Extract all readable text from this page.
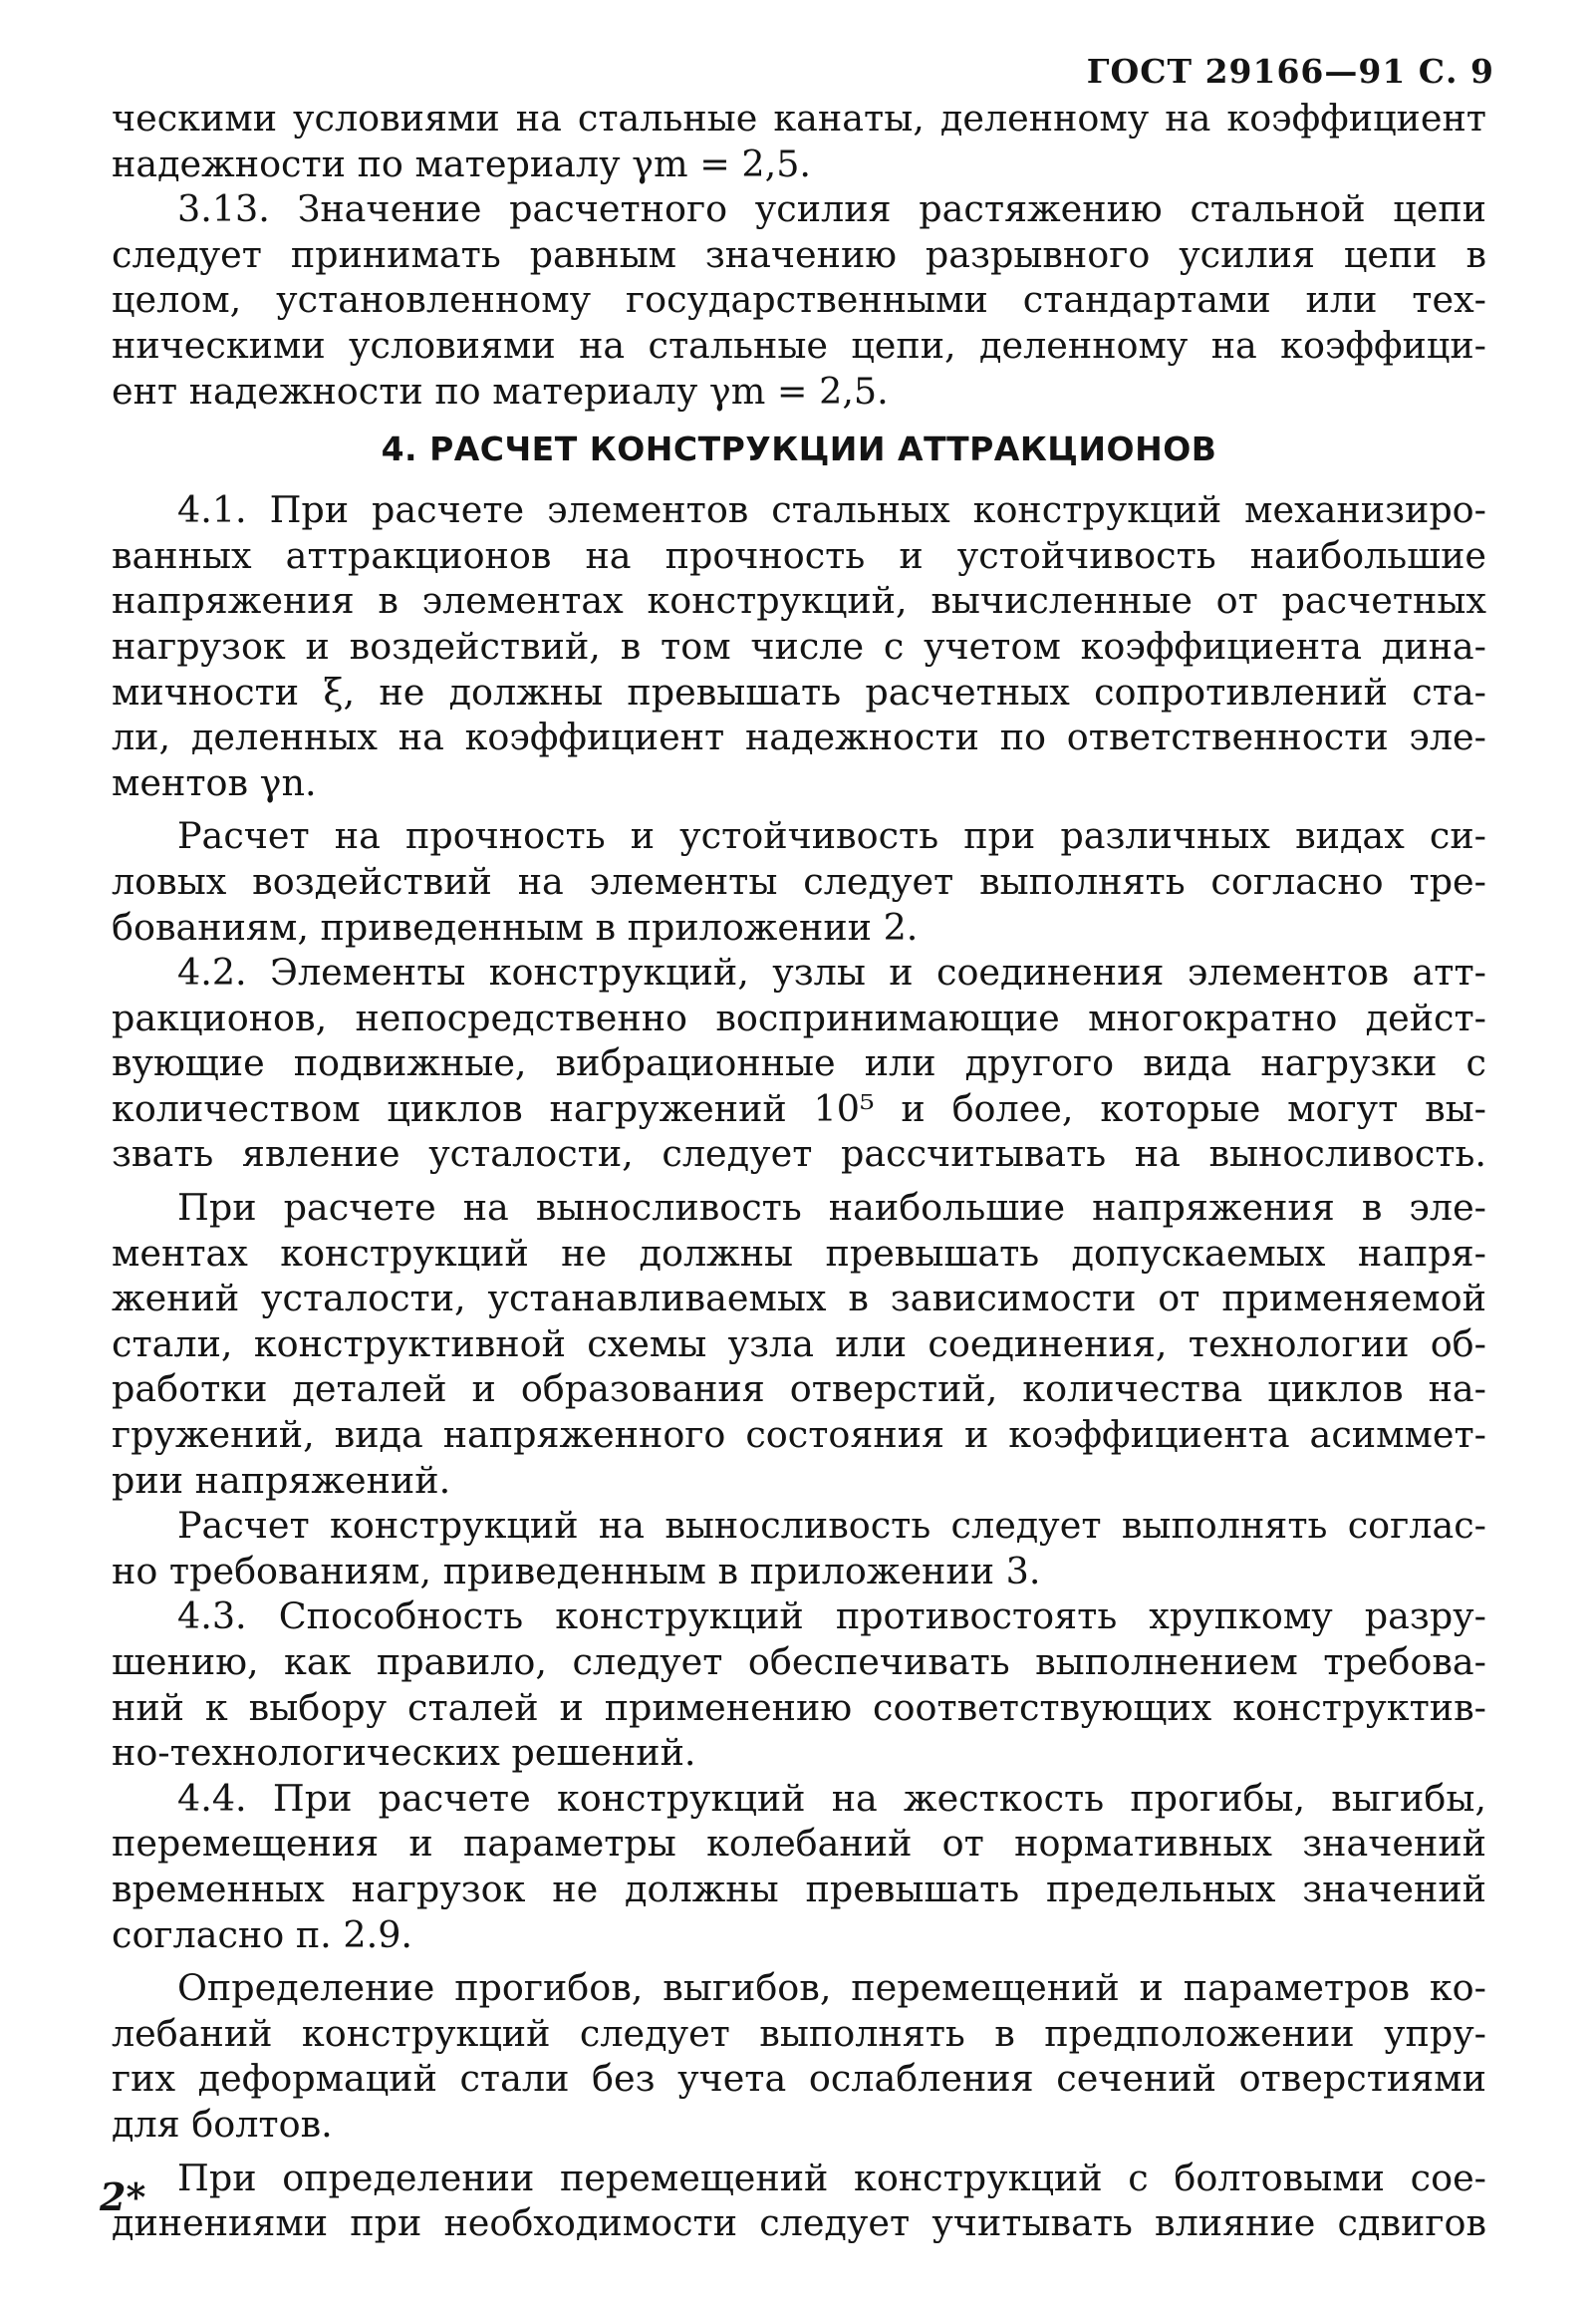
ГОСТ 29166—91 С. 9
ческими условиями на стальные канаты, деленному на коэффициент
надежности по материалу γm = 2,5.
3.13. Значение расчетного усилия растяжению стальной цепи
следует принимать равным значению разрывного усилия цепи в
целом, установленному государственными стандартами или тех-
ническими условиями на стальные цепи, деленному на коэффици-
ент надежности по материалу γm = 2,5.
4. РАСЧЕТ КОНСТРУКЦИИ АТТРАКЦИОНОВ
4.1. При расчете элементов стальных конструкций механизиро-
ванных аттракционов на прочность и устойчивость наибольшие
напряжения в элементах конструкций, вычисленные от расчетных
нагрузок и воздействий, в том числе с учетом коэффициента дина-
мичности ξ, не должны превышать расчетных сопротивлений ста-
ли, деленных на коэффициент надежности по ответственности эле-
ментов γn.
Расчет на прочность и устойчивость при различных видах си-
ловых воздействий на элементы следует выполнять согласно тре-
бованиям, приведенным в приложении 2.
4.2. Элементы конструкций, узлы и соединения элементов атт-
ракционов, непосредственно воспринимающие многократно дейст-
вующие подвижные, вибрационные или другого вида нагрузки с
количеством циклов нагружений 10⁵ и более, которые могут вы-
звать явление усталости, следует рассчитывать на выносливость.
При расчете на выносливость наибольшие напряжения в эле-
ментах конструкций не должны превышать допускаемых напря-
жений усталости, устанавливаемых в зависимости от применяемой
стали, конструктивной схемы узла или соединения, технологии об-
работки деталей и образования отверстий, количества циклов на-
гружений, вида напряженного состояния и коэффициента асиммет-
рии напряжений.
Расчет конструкций на выносливость следует выполнять соглас-
но требованиям, приведенным в приложении 3.
4.3. Способность конструкций противостоять хрупкому разру-
шению, как правило, следует обеспечивать выполнением требова-
ний к выбору сталей и применению соответствующих конструктив-
но-технологических решений.
4.4. При расчете конструкций на жесткость прогибы, выгибы,
перемещения и параметры колебаний от нормативных значений
временных нагрузок не должны превышать предельных значений
согласно п. 2.9.
Определение прогибов, выгибов, перемещений и параметров ко-
лебаний конструкций следует выполнять в предположении упру-
гих деформаций стали без учета ослабления сечений отверстиями
для болтов.
При определении перемещений конструкций с болтовыми сое-
динениями при необходимости следует учитывать влияние сдвигов
2*
